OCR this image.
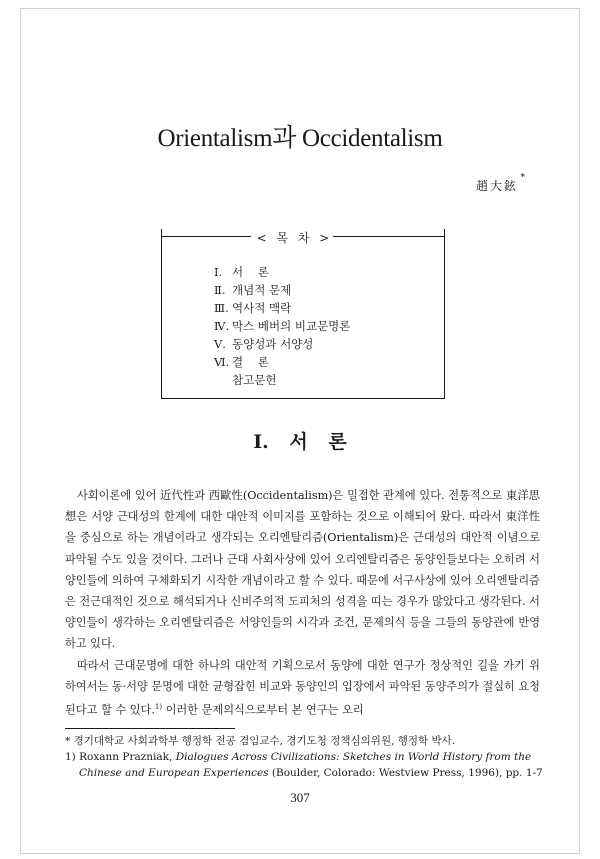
Orientalism과 Occidentalism
趙大鉉
*
< 목 차 >
Ⅰ. 서    론
Ⅱ. 개념적 문제
Ⅲ. 역사적 맥락
Ⅳ. 막스 베버의 비교문명론
Ⅴ. 동양성과 서양성
Ⅵ. 결    론
참고문헌
Ⅰ. 서 론

사회이론에 있어 近代性과 西歐性(Occidentalism)은 밀접한 관계에 있다. 전통적으로 東洋思想은 서양 근대성의 한계에 대한 대안적 이미지를 포함하는 것으로 이해되어 왔다. 따라서 東洋性을 중심으로 하는 개념이라고 생각되는 오리엔탈리즘(Orientalism)은 근대성의 대안적 이념으로 파악될 수도 있을 것이다. 그러나 근대 사회사상에 있어 오리엔탈리즘은 동양인들보다는 오히려 서양인들에 의하여 구체화되기 시작한 개념이라고 할 수 있다. 때문에 서구사상에 있어 오리엔탈리즘은 전근대적인 것으로 해석되거나 신비주의적 도피처의 성격을 띠는 경우가 많았다고 생각된다. 서양인들이 생각하는 오리엔탈리즘은 서양인들의 시각과 조건, 문제의식 등을 그들의 동양관에 반영하고 있다.

따라서 근대문명에 대한 하나의 대안적 기획으로서 동양에 대한 연구가 정상적인 길을 가기 위하여서는 동·서양 문명에 대한 균형잡힌 비교와 동양인의 입장에서 파악된 동양주의가 절실히 요청된다고 할 수 있다.$^{1)}$ 이러한 문제의식으로부터 본 연구는 오리

* 경기대학교 사회과학부 행정학 전공 겸임교수, 경기도청 정책심의위원, 행정학 박사.
1) Roxann Prazniak, Dialogues Across Civilizations: Sketches in World History from the
Chinese and European Experiences (Boulder, Colorado: Westview Press, 1996), pp. 1-7
307
